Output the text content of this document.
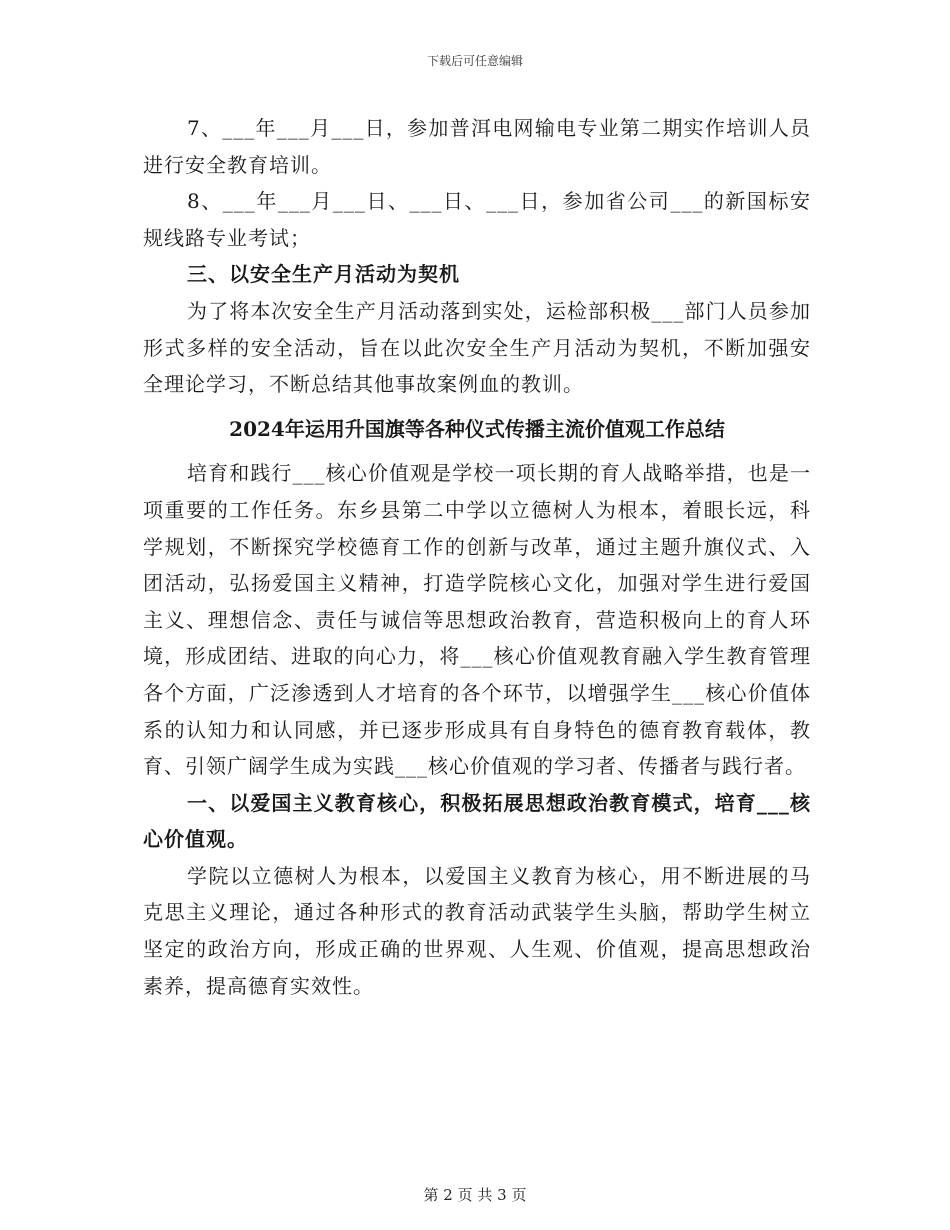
下载后可任意编辑

7、___年___月___日，参加普洱电网输电专业第二期实作培训人员进行安全教育培训。

8、___年___月___日、___日、___日，参加省公司___的新国标安规线路专业考试；

三、以安全生产月活动为契机

为了将本次安全生产月活动落到实处，运检部积极___部门人员参加形式多样的安全活动，旨在以此次安全生产月活动为契机，不断加强安全理论学习，不断总结其他事故案例血的教训。

2024年运用升国旗等各种仪式传播主流价值观工作总结

培育和践行___核心价值观是学校一项长期的育人战略举措，也是一项重要的工作任务。东乡县第二中学以立德树人为根本，着眼长远，科学规划，不断探究学校德育工作的创新与改革，通过主题升旗仪式、入团活动，弘扬爱国主义精神，打造学院核心文化，加强对学生进行爱国主义、理想信念、责任与诚信等思想政治教育，营造积极向上的育人环境，形成团结、进取的向心力，将___核心价值观教育融入学生教育管理各个方面，广泛渗透到人才培育的各个环节，以增强学生___核心价值体系的认知力和认同感，并已逐步形成具有自身特色的德育教育载体，教育、引领广阔学生成为实践___核心价值观的学习者、传播者与践行者。

一、以爱国主义教育核心，积极拓展思想政治教育模式，培育___核心价值观。

学院以立德树人为根本，以爱国主义教育为核心，用不断进展的马克思主义理论，通过各种形式的教育活动武装学生头脑，帮助学生树立坚定的政治方向，形成正确的世界观、人生观、价值观，提高思想政治素养，提高德育实效性。

第 2 页 共 3 页
